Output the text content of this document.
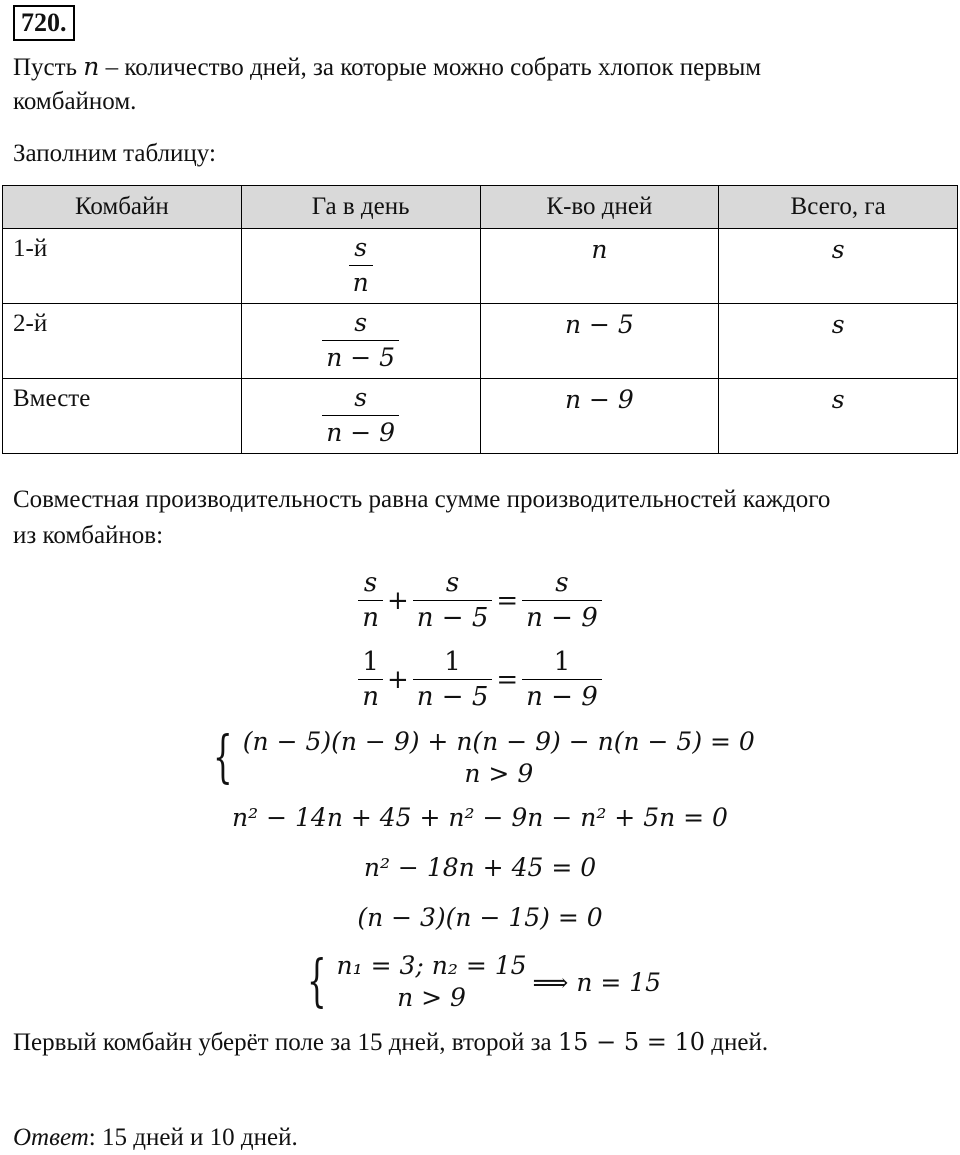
720.
Пусть n – количество дней, за которые можно собрать хлопок первым
комбайном.
Заполним таблицу:
Комбайн	Га в день	К-во дней	Всего, га
1-й	$\frac{s}{n}$	n	s
2-й	$\frac{s}{n - 5}$	n − 5	s
Вместе	$\frac{s}{n - 9}$	n − 9	s
Совместная производительность равна сумме производительностей каждого
из комбайнов:
$\frac{s}{n} + \frac{s}{n - 5} = \frac{s}{n - 9}$
$\frac{1}{n} + \frac{1}{n - 5} = \frac{1}{n - 9}$
{ (n − 5)(n − 9) + n(n − 9) − n(n − 5) = 0
n > 9
n² − 14n + 45 + n² − 9n − n² + 5n = 0
n² − 18n + 45 = 0
(n − 3)(n − 15) = 0
{ n₁ = 3; n₂ = 15
n > 9
⟹ n = 15
Первый комбайн уберёт поле за 15 дней, второй за 15 − 5 = 10 дней.
Ответ: 15 дней и 10 дней.
